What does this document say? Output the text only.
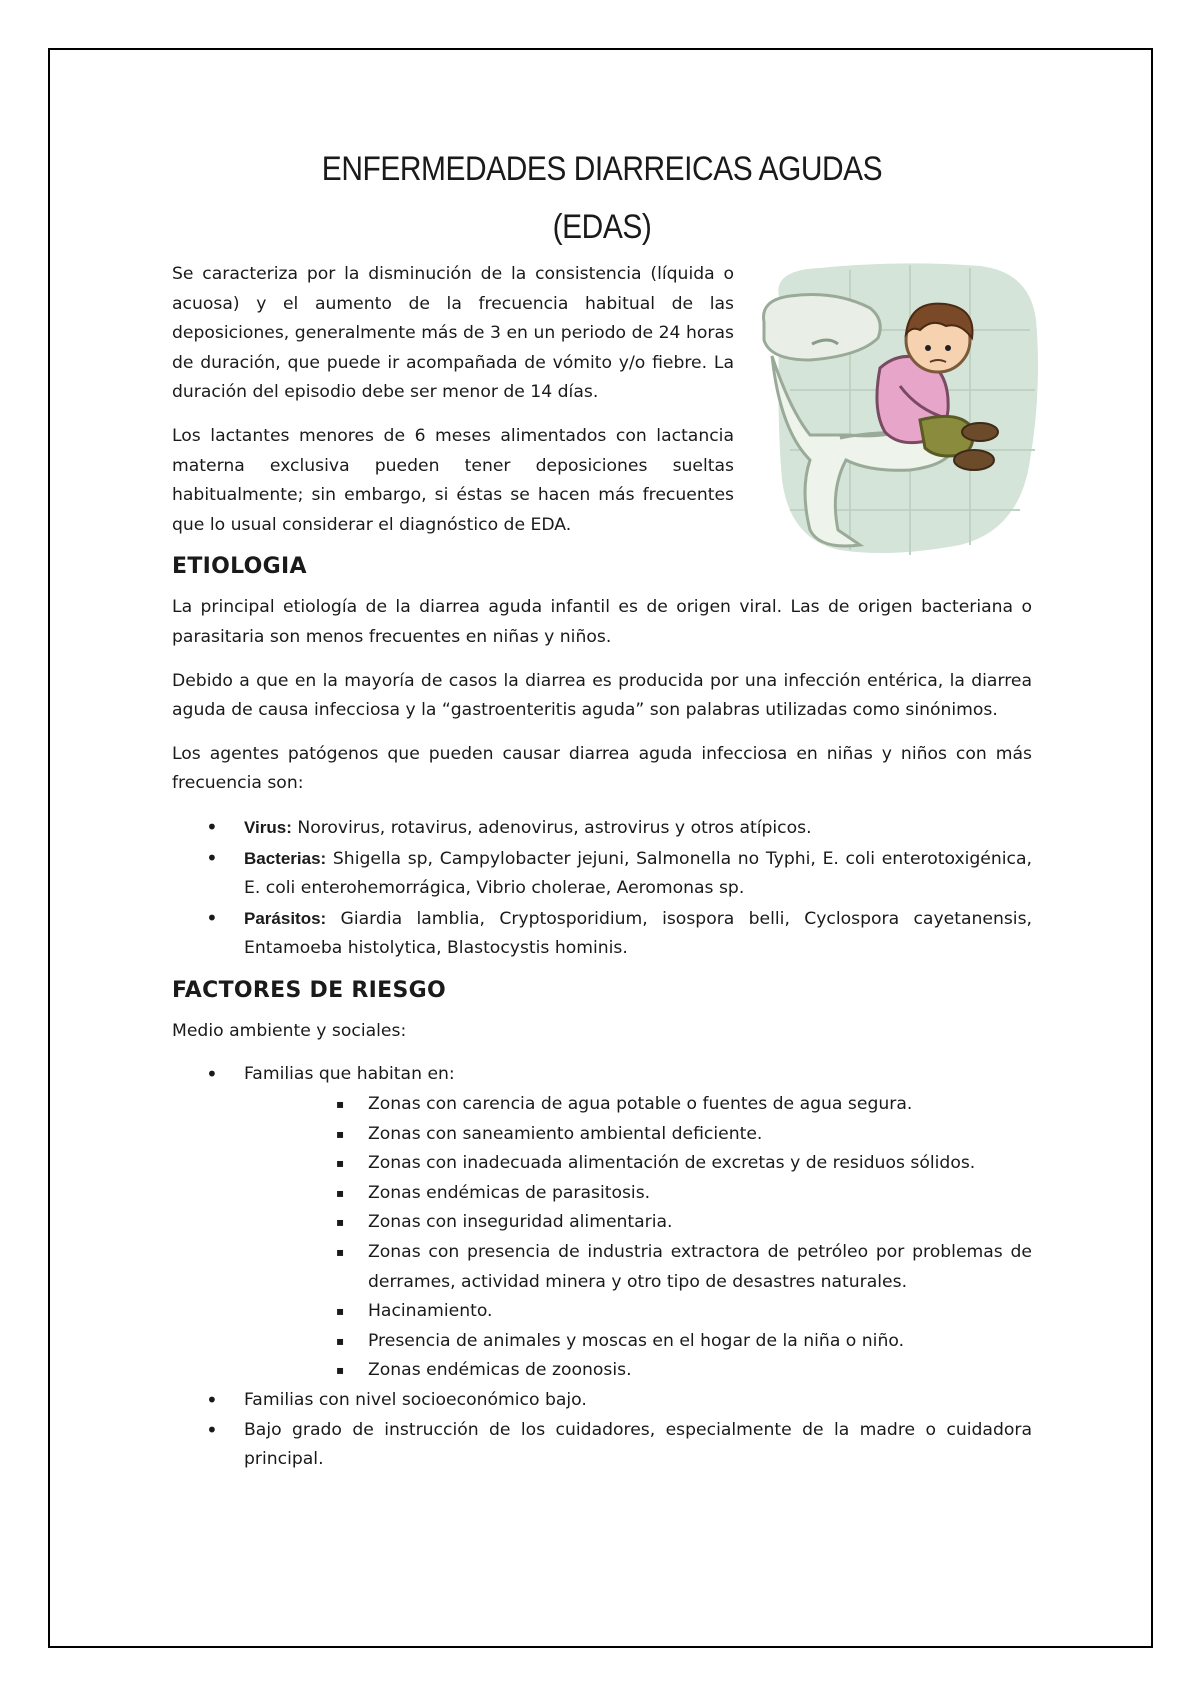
ENFERMEDADES DIARREICAS AGUDAS
(EDAS)

Se caracteriza por la disminución de la consistencia (líquida o acuosa) y el aumento de la frecuencia habitual de las deposiciones, generalmente más de 3 en un periodo de 24 horas de duración, que puede ir acompañada de vómito y/o fiebre. La duración del episodio debe ser menor de 14 días.

Los lactantes menores de 6 meses alimentados con lactancia materna exclusiva pueden tener deposiciones sueltas habitualmente; sin embargo, si éstas se hacen más frecuentes que lo usual considerar el diagnóstico de EDA.

ETIOLOGIA

La principal etiología de la diarrea aguda infantil es de origen viral. Las de origen bacteriana o parasitaria son menos frecuentes en niñas y niños.

Debido a que en la mayoría de casos la diarrea es producida por una infección entérica, la diarrea aguda de causa infecciosa y la “gastroenteritis aguda” son palabras utilizadas como sinónimos.

Los agentes patógenos que pueden causar diarrea aguda infecciosa en niñas y niños con más frecuencia son:

• Virus: Norovirus, rotavirus, adenovirus, astrovirus y otros atípicos.
• Bacterias: Shigella sp, Campylobacter jejuni, Salmonella no Typhi, E. coli enterotoxigénica, E. coli enterohemorrágica, Vibrio cholerae, Aeromonas sp.
• Parásitos: Giardia lamblia, Cryptosporidium, isospora belli, Cyclospora cayetanensis, Entamoeba histolytica, Blastocystis hominis.
FACTORES DE RIESGO

Medio ambiente y sociales:

• Familias que habitan en:
▪ Zonas con carencia de agua potable o fuentes de agua segura.
▪ Zonas con saneamiento ambiental deficiente.
▪ Zonas con inadecuada alimentación de excretas y de residuos sólidos.
▪ Zonas endémicas de parasitosis.
▪ Zonas con inseguridad alimentaria.
▪ Zonas con presencia de industria extractora de petróleo por problemas de derrames, actividad minera y otro tipo de desastres naturales.
▪ Hacinamiento.
▪ Presencia de animales y moscas en el hogar de la niña o niño.
▪ Zonas endémicas de zoonosis.
• Familias con nivel socioeconómico bajo.
• Bajo grado de instrucción de los cuidadores, especialmente de la madre o cuidadora principal.
